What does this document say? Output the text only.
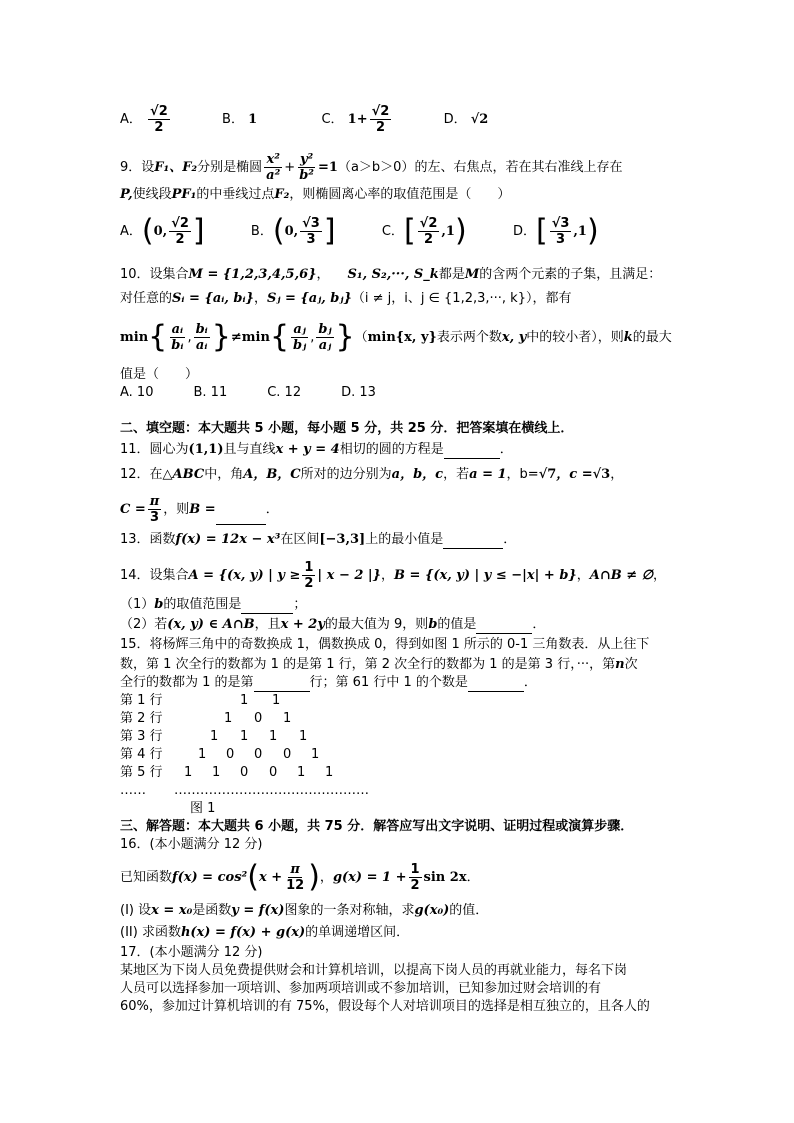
A． $\frac{√2}{2}$	B． 1	C． $1+ \frac{√2}{2}$	D． √2
9．设F₁、F₂分别是椭圆 $\frac{\text{x²}}{\text{a²}} + \frac{\text{y²}}{\text{b²}} =1(a>b>0)$的左、右焦点，若在其右准线上存在
P,使线段PF₁的中垂线过点F₂，则椭圆离心率的取值范围是（　　）
A．(0, $\frac{√2}{2}$ ]	B．(0, $\frac{√3}{3}$ ]	C．[ $\frac{√2}{2} ,1$)	D．[ $\frac{√3}{3} ,1$)
10．设集合M = {1,2,3,4,5,6}， S₁, S₂,···, S_k都是M的含两个元素的子集，且满足：
对任意的Sᵢ = {aᵢ, bᵢ}，Sⱼ = {aⱼ, bⱼ}（i ≠ j，i、j ∈ {1,2,3,···, k}），都有
$\min\{ \frac{\text{aᵢ}}{\text{bᵢ}}$ , $\frac{\text{bᵢ}}{\text{aᵢ}} \}\ne\min\{ \frac{\text{aⱼ}}{\text{bⱼ}}$ , $\frac{\text{bⱼ}}{\text{aⱼ}} \}(\min\{x$, y}表示两个数x, y中的较小者），则k的最大
值是（　　）
A. 10	B. 11	C. 12	D. 13
二、填空题：本大题共 5 小题，每小题 5 分，共 25 分．把答案填在横线上．
11．圆心为(1,1)且与直线x + y = 4相切的圆的方程是	．
12．在△ABC中，角A，B，C所对的边分别为a，b，c，若a = 1，b=√7，c =√3，
$C = \frac{\pi}{3}$ ，则B =	．
13．函数f(x) = 12x − x³在区间[−3,3]上的最小值是	．
14．设集合A = {(x, y) | $y \ge \frac{1}{2}$ | x − 2 |}，B = {(x, y) | y ≤ −|x| + b}，A∩B ≠ ∅，
（1）b的取值范围是	；
（2）若(x, y) ∈ A∩B，且x + 2y的最大值为 9，则b的值是	．
15．将杨辉三角中的奇数换成 1，偶数换成 0，得到如图 1 所示的 0-1 三角数表．从上往下
数，第 1 次全行的数都为 1 的是第 1 行，第 2 次全行的数都为 1 的是第 3 行，···，第n次
全行的数都为 1 的是第	行；第 61 行中 1 的个数是	．
第 1 行	1 1
第 2 行	1 0 1
第 3 行	1 1 1 1
第 4 行	1 0 0 0 1
第 5 行 1 1 0 0 1 1
…… ………………………………………
图 1
三、解答题：本大题共 6 小题，共 75 分．解答应写出文字说明、证明过程或演算步骤．
16．(本小题满分 12 分)
已知函数$f(x) = \cos^2(x + \frac{\pi}{12}$ )，$g(x) = 1 + \frac{1}{2}$ sin 2x．
(I) 设x = x₀是函数y = f(x)图象的一条对称轴，求g(x₀)的值．
(II) 求函数h(x) = f(x) + g(x)的单调递增区间．
17．(本小题满分 12 分)
某地区为下岗人员免费提供财会和计算机培训，以提高下岗人员的再就业能力，每名下岗
人员可以选择参加一项培训、参加两项培训或不参加培训，已知参加过财会培训的有
60%，参加过计算机培训的有 75%，假设每个人对培训项目的选择是相互独立的，且各人的
